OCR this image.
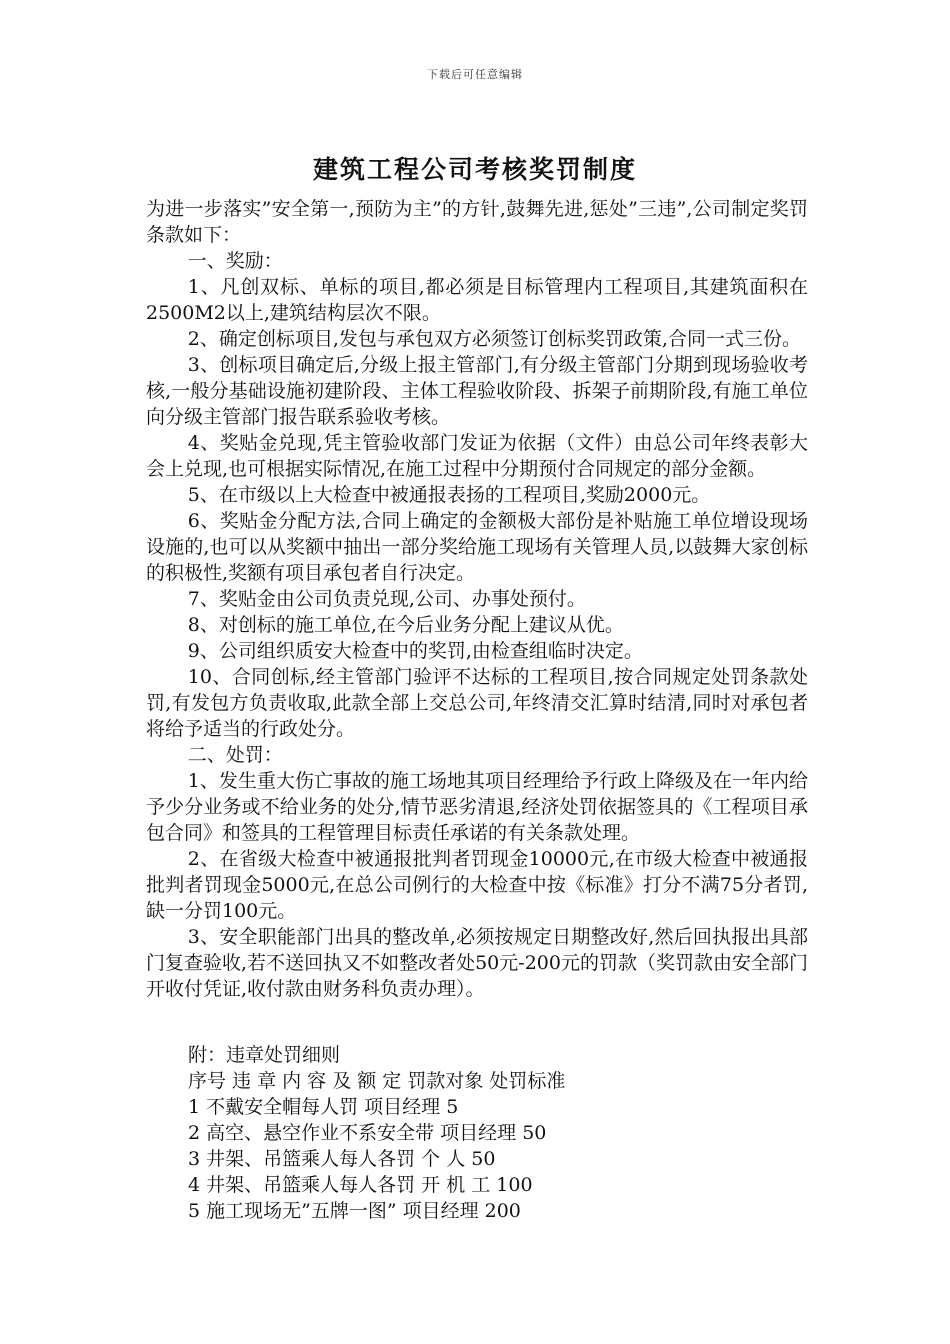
下载后可任意编辑
建筑工程公司考核奖罚制度

为进一步落实”安全第一,预防为主”的方针,鼓舞先进,惩处”三违”,公司制定奖罚条款如下：

一、奖励：

1、凡创双标、单标的项目,都必须是目标管理内工程项目,其建筑面积在2500M2以上,建筑结构层次不限。

2、确定创标项目,发包与承包双方必须签订创标奖罚政策,合同一式三份。

3、创标项目确定后,分级上报主管部门,有分级主管部门分期到现场验收考核,一般分基础设施初建阶段、主体工程验收阶段、拆架子前期阶段,有施工单位向分级主管部门报告联系验收考核。

4、奖贴金兑现,凭主管验收部门发证为依据（文件）由总公司年终表彰大会上兑现,也可根据实际情况,在施工过程中分期预付合同规定的部分金额。

5、在市级以上大检查中被通报表扬的工程项目,奖励2000元。

6、奖贴金分配方法,合同上确定的金额极大部份是补贴施工单位增设现场设施的,也可以从奖额中抽出一部分奖给施工现场有关管理人员,以鼓舞大家创标的积极性,奖额有项目承包者自行决定。

7、奖贴金由公司负责兑现,公司、办事处预付。

8、对创标的施工单位,在今后业务分配上建议从优。

9、公司组织质安大检查中的奖罚,由检查组临时决定。

10、合同创标,经主管部门验评不达标的工程项目,按合同规定处罚条款处罚,有发包方负责收取,此款全部上交总公司,年终清交汇算时结清,同时对承包者将给予适当的行政处分。

二、处罚：

1、发生重大伤亡事故的施工场地其项目经理给予行政上降级及在一年内给予少分业务或不给业务的处分,情节恶劣清退,经济处罚依据签具的《工程项目承包合同》和签具的工程管理目标责任承诺的有关条款处理。

2、在省级大检查中被通报批判者罚现金10000元,在市级大检查中被通报批判者罚现金5000元,在总公司例行的大检查中按《标准》打分不满75分者罚,缺一分罚100元。

3、安全职能部门出具的整改单,必须按规定日期整改好,然后回执报出具部门复查验收,若不送回执又不如整改者处50元-200元的罚款（奖罚款由安全部门开收付凭证,收付款由财务科负责办理）。

附：违章处罚细则
序号 违 章 内 容 及 额 定 罚款对象 处罚标准
1 不戴安全帽每人罚 项目经理 5
2 高空、悬空作业不系安全带 项目经理 50
3 井架、吊篮乘人每人各罚 个 人 50
4 井架、吊篮乘人每人各罚 开 机 工 100
5 施工现场无”五牌一图” 项目经理 200
